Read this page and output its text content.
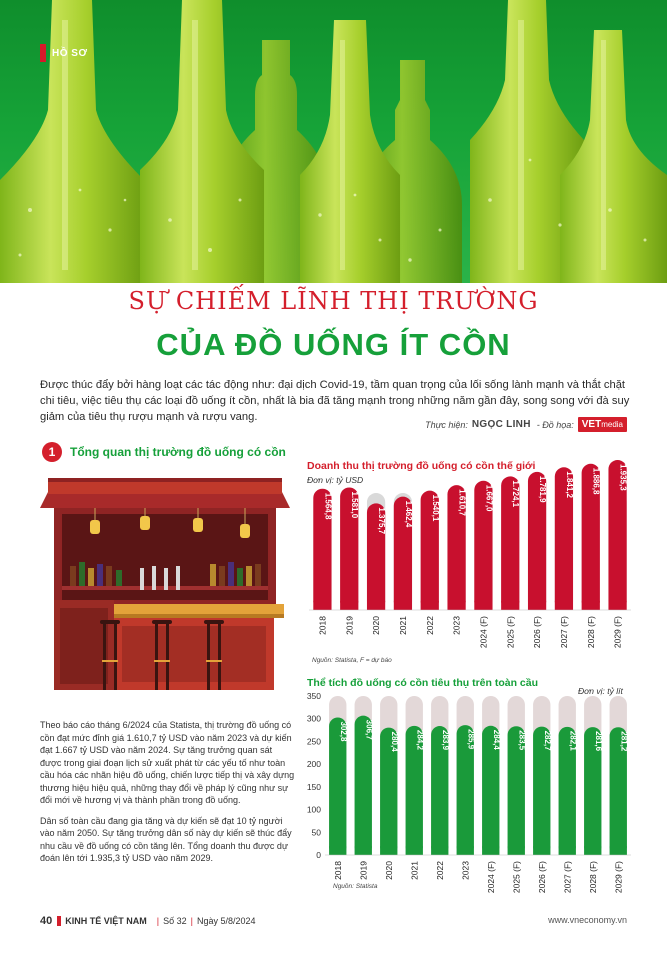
HỒ SƠ
SỰ CHIẾM LĨNH THỊ TRƯỜNG
CỦA ĐỒ UỐNG ÍT CỒN

Được thúc đẩy bởi hàng loạt các tác động như: đại dịch Covid-19, tầm quan trọng của lối sống lành mạnh và thắt chặt chi tiêu, việc tiêu thụ các loại đồ uống ít cồn, nhất là bia đã tăng mạnh trong những năm gần đây, song song với đà suy giảm của tiêu thụ rượu mạnh và rượu vang.

Thực hiện: NGỌC LINH - Đồ họa: VETmedia
1	Tổng quan thị trường đồ uống có cồn

Theo báo cáo tháng 6/2024 của Statista, thị trường đồ uống có cồn đạt mức đỉnh giá 1.610,7 tỷ USD vào năm 2023 và dự kiến đạt 1.667 tỷ USD vào năm 2024. Sự tăng trưởng quan sát được trong giai đoạn lịch sử xuất phát từ các yếu tố như toàn cầu hóa các nhãn hiệu đồ uống, chiến lược tiếp thị và xây dựng thương hiệu hiệu quả, những thay đổi về pháp lý cũng như sự đổi mới về hương vị và thành phần trong đồ uống.

Dân số toàn cầu đang gia tăng và dự kiến sẽ đạt 10 tỷ người vào năm 2050. Sự tăng trưởng dân số này dự kiến sẽ thúc đẩy nhu cầu về đồ uống có cồn tăng lên. Tổng doanh thu được dự đoán lên tới 1.935,3 tỷ USD vào năm 2029.

Doanh thu thị trường đồ uống có cồn thế giới
Đơn vị: tỷ USD
1.564,8
2018
1.581,0
2019
1.375,7
2020
1.462,4
2021
1.540,1
2022
1.610,7
2023
1.667,0
2024 (F)
1.724,1
2025 (F)
1.781,9
2026 (F)
1.841,2
2027 (F)
1.886,8
2028 (F)
1.935,3
2029 (F)
Nguồn: Statista, F = dự báo
Thể tích đồ uống có cồn tiêu thụ trên toàn cầu
Đơn vị: tỷ lít
0
50
100
150
200
250
300
350
302,8
2018
306,7
2019
280,4
2020
284,2
2021
283,9
2022
285,9
2023
284,4
2024 (F)
283,5
2025 (F)
282,7
2026 (F)
282,1
2027 (F)
281,6
2028 (F)
281,2
2029 (F)
Nguồn: Statista
40 KINH TẾ VIỆT NAM | Số 32 | Ngày 5/8/2024	www.vneconomy.vn
